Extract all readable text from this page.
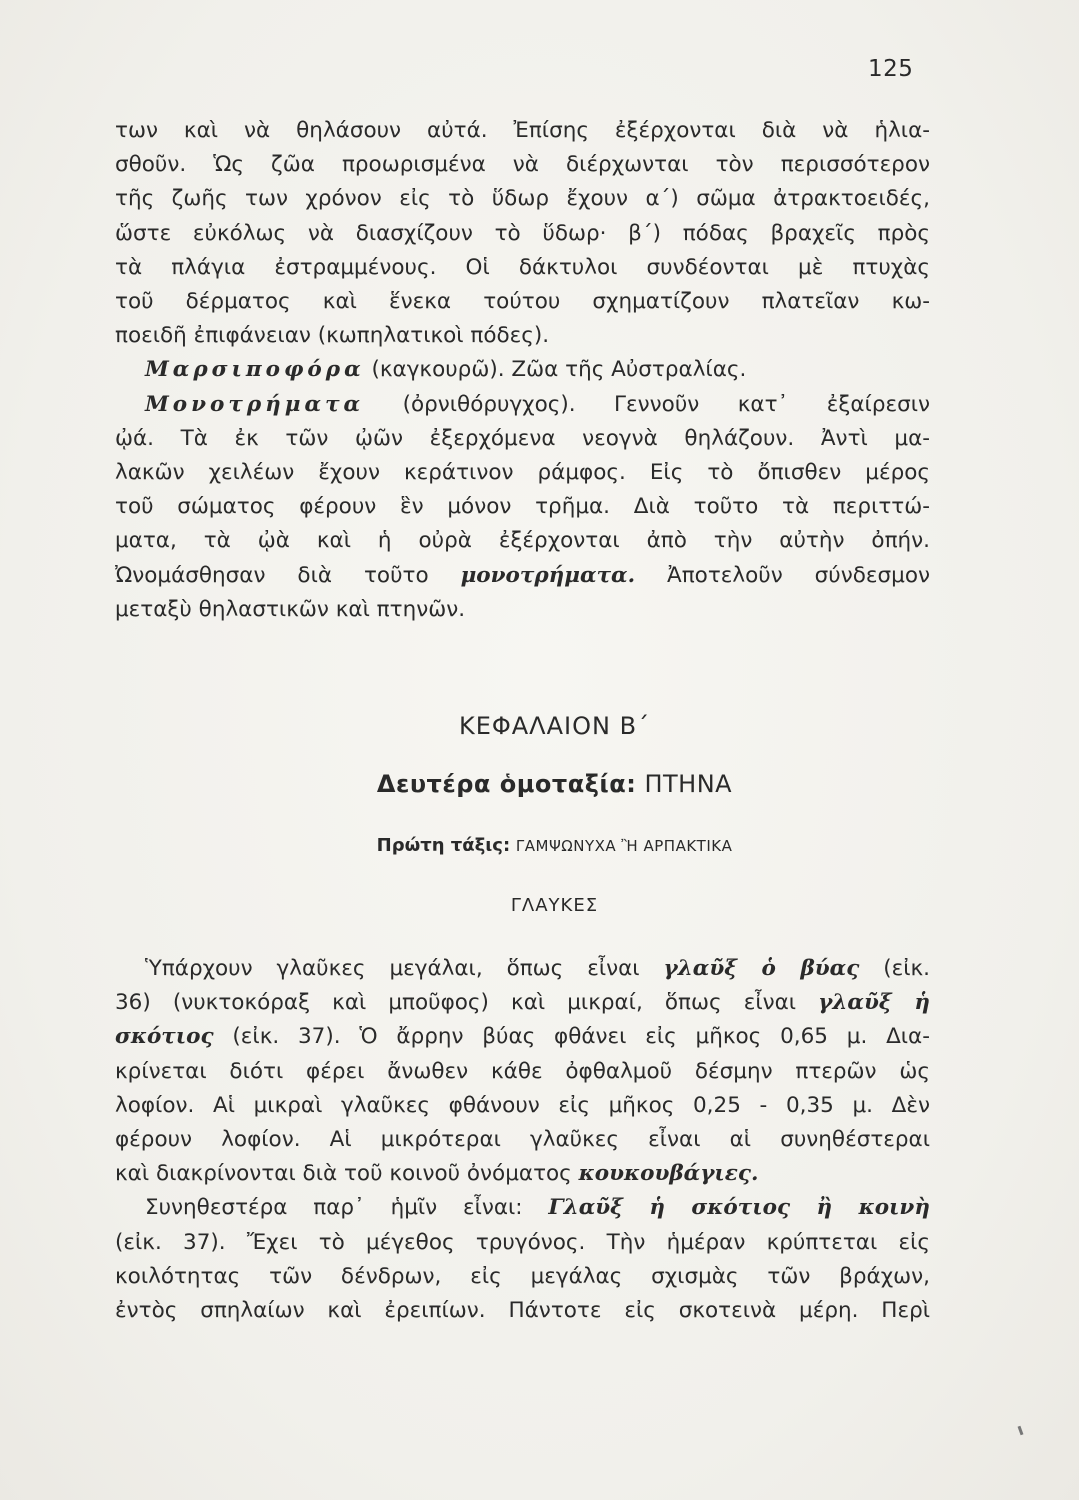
125
των καὶ νὰ θηλάσουν αὐτά. Ἐπίσης ἐξέρχονται διὰ νὰ ἡλια-
σθοῦν. Ὡς ζῶα προωρισμένα νὰ διέρχωνται τὸν περισσότερον
τῆς ζωῆς των χρόνον εἰς τὸ ὕδωρ ἔχουν α΄) σῶμα ἀτρακτοειδές,
ὥστε εὐκόλως νὰ διασχίζουν τὸ ὕδωρ· β΄) πόδας βραχεῖς πρὸς
τὰ πλάγια ἐστραμμένους. Οἱ δάκτυλοι συνδέονται μὲ πτυχὰς
τοῦ δέρματος καὶ ἕνεκα τούτου σχηματίζουν πλατεῖαν κω-
ποειδῆ ἐπιφάνειαν (κωπηλατικοὶ πόδες).
Μαρσιποφόρα (καγκουρῶ). Ζῶα τῆς Αὐστραλίας.
Μονοτρήματα (ὀρνιθόρυγχος). Γεννοῦν κατ᾽ ἐξαίρεσιν
ᾠά. Τὰ ἐκ τῶν ᾠῶν ἐξερχόμενα νεογνὰ θηλάζουν. Ἀντὶ μα-
λακῶν χειλέων ἔχουν κεράτινον ράμφος. Εἰς τὸ ὄπισθεν μέρος
τοῦ σώματος φέρουν ἓν μόνον τρῆμα. Διὰ τοῦτο τὰ περιττώ-
ματα, τὰ ᾠὰ καὶ ἡ οὐρὰ ἐξέρχονται ἀπὸ τὴν αὐτὴν ὀπήν.
Ὠνομάσθησαν διὰ τοῦτο μονοτρήματα. Ἀποτελοῦν σύνδεσμον
μεταξὺ θηλαστικῶν καὶ πτηνῶν.
ΚΕΦΑΛΑΙΟΝ Β΄
Δευτέρα ὁμοταξία: ΠΤΗΝΑ
Πρώτη τάξις: ΓΑΜΨΩΝΥΧΑ Ἢ ΑΡΠΑΚΤΙΚΑ
ΓΛΑΥΚΕΣ
Ὑπάρχουν γλαῦκες μεγάλαι, ὅπως εἶναι γλαῦξ ὁ βύας (εἰκ.
36) (νυκτοκόραξ καὶ μποῦφος) καὶ μικραί, ὅπως εἶναι γλαῦξ ἡ
σκότιος (εἰκ. 37). Ὁ ἄρρην βύας φθάνει εἰς μῆκος 0,65 μ. Δια-
κρίνεται διότι φέρει ἄνωθεν κάθε ὀφθαλμοῦ δέσμην πτερῶν ὡς
λοφίον. Αἱ μικραὶ γλαῦκες φθάνουν εἰς μῆκος 0,25 - 0,35 μ. Δὲν
φέρουν λοφίον. Αἱ μικρότεραι γλαῦκες εἶναι αἱ συνηθέστεραι
καὶ διακρίνονται διὰ τοῦ κοινοῦ ὀνόματος κουκουβάγιες.
Συνηθεστέρα παρ᾽ ἡμῖν εἶναι: Γλαῦξ ἡ σκότιος ἢ κοινὴ
(εἰκ. 37). Ἔχει τὸ μέγεθος τρυγόνος. Τὴν ἡμέραν κρύπτεται εἰς
κοιλότητας τῶν δένδρων, εἰς μεγάλας σχισμὰς τῶν βράχων,
ἐντὸς σπηλαίων καὶ ἐρειπίων. Πάντοτε εἰς σκοτεινὰ μέρη. Περὶ
